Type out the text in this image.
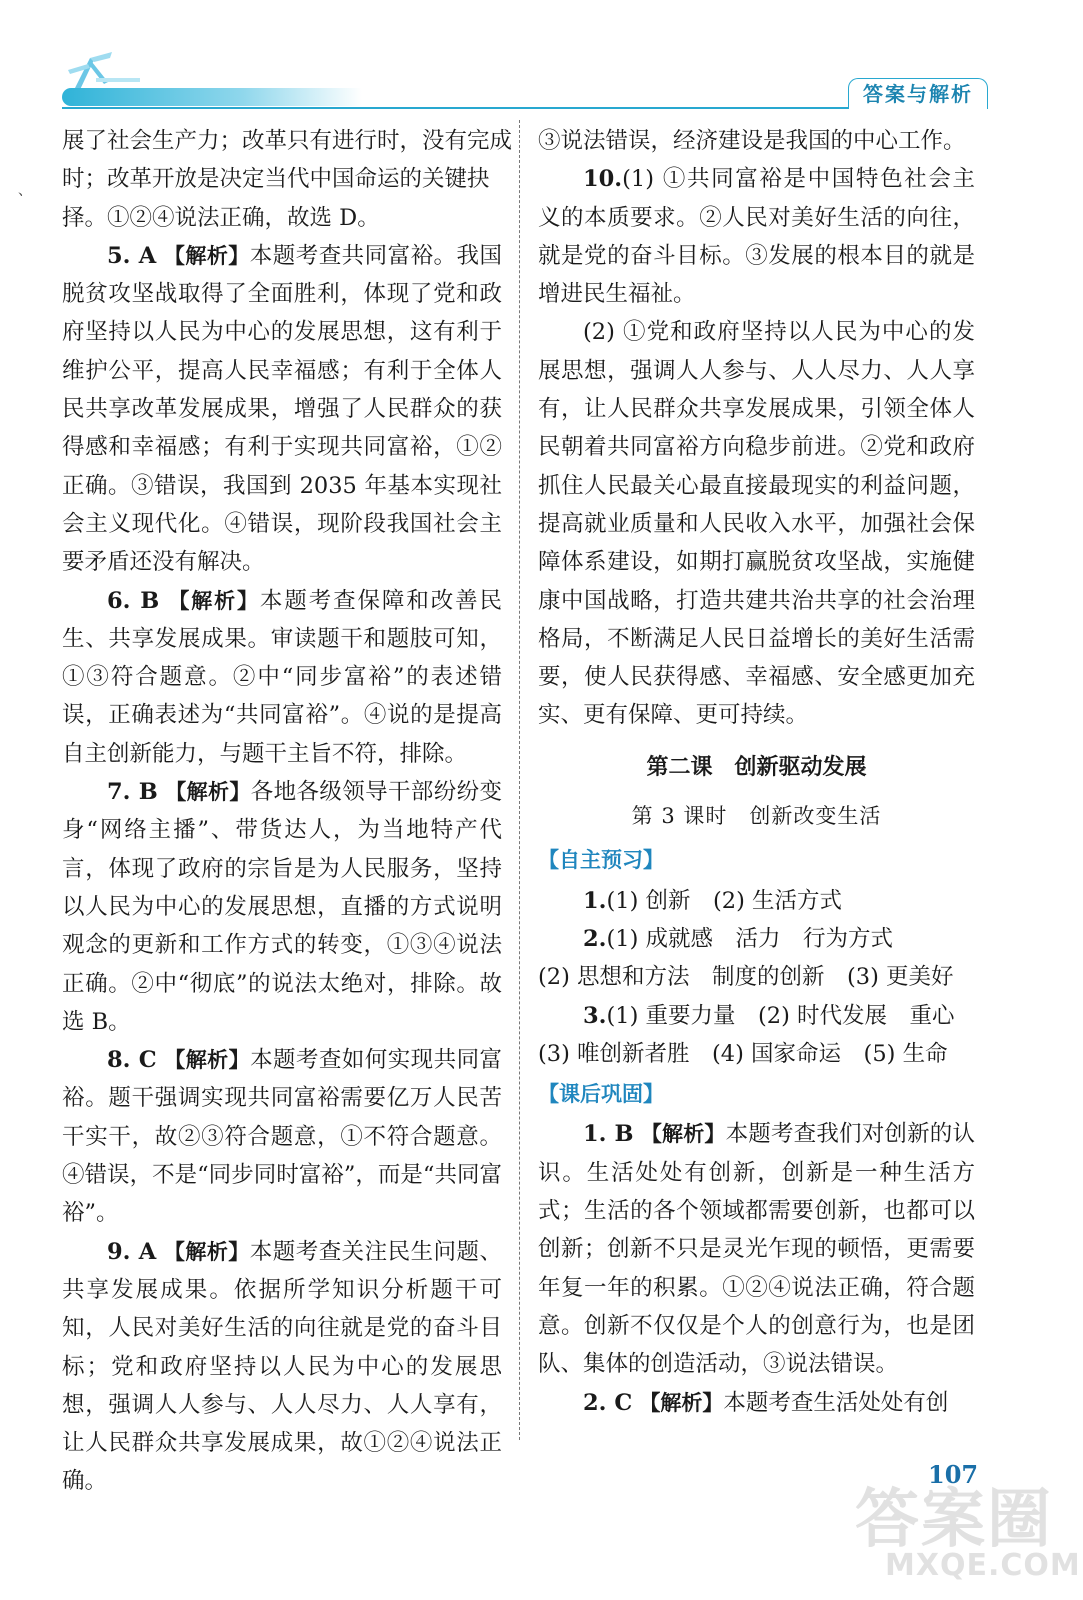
答案与解析
、

展了社会生产力；改革只有进行时，没有完成

时；改革开放是决定当代中国命运的关键抉

择。①②④说法正确，故选 D。

5. A 【解析】本题考查共同富裕。我国脱贫攻坚战取得了全面胜利，体现了党和政府坚持以人民为中心的发展思想，这有利于维护公平，提高人民幸福感；有利于全体人民共享改革发展成果，增强了人民群众的获得感和幸福感；有利于实现共同富裕，①②正确。③错误，我国到 2035 年基本实现社会主义现代化。④错误，现阶段我国社会主要矛盾还没有解决。

6. B 【解析】本题考查保障和改善民生、共享发展成果。审读题干和题肢可知，①③符合题意。②中“同步富裕”的表述错误，正确表述为“共同富裕”。④说的是提高自主创新能力，与题干主旨不符，排除。

7. B 【解析】各地各级领导干部纷纷变身“网络主播”、带货达人，为当地特产代言，体现了政府的宗旨是为人民服务，坚持以人民为中心的发展思想，直播的方式说明观念的更新和工作方式的转变，①③④说法正确。②中“彻底”的说法太绝对，排除。故选 B。

8. C 【解析】本题考查如何实现共同富裕。题干强调实现共同富裕需要亿万人民苦干实干，故②③符合题意，①不符合题意。④错误，不是“同步同时富裕”，而是“共同富裕”。

9. A 【解析】本题考查关注民生问题、共享发展成果。依据所学知识分析题干可知，人民对美好生活的向往就是党的奋斗目标；党和政府坚持以人民为中心的发展思想，强调人人参与、人人尽力、人人享有，让人民群众共享发展成果，故①②④说法正确。

③说法错误，经济建设是我国的中心工作。

10.(1) ①共同富裕是中国特色社会主义的本质要求。②人民对美好生活的向往，就是党的奋斗目标。③发展的根本目的就是增进民生福祉。

(2) ①党和政府坚持以人民为中心的发展思想，强调人人参与、人人尽力、人人享有，让人民群众共享发展成果，引领全体人民朝着共同富裕方向稳步前进。②党和政府抓住人民最关心最直接最现实的利益问题，提高就业质量和人民收入水平，加强社会保障体系建设，如期打赢脱贫攻坚战，实施健康中国战略，打造共建共治共享的社会治理格局，不断满足人民日益增长的美好生活需要，使人民获得感、幸福感、安全感更加充实、更有保障、更可持续。

第二课　创新驱动发展

第 3 课时　创新改变生活

【自主预习】

1.(1) 创新　(2) 生活方式

2.(1) 成就感　活力　行为方式

(2) 思想和方法　制度的创新　(3) 更美好

3.(1) 重要力量　(2) 时代发展　重心

(3) 唯创新者胜　(4) 国家命运　(5) 生命

【课后巩固】

1. B 【解析】本题考查我们对创新的认识。生活处处有创新，创新是一种生活方式；生活的各个领域都需要创新，也都可以创新；创新不只是灵光乍现的顿悟，更需要年复一年的积累。①②④说法正确，符合题意。创新不仅仅是个人的创意行为，也是团队、集体的创造活动，③说法错误。

2. C 【解析】本题考查生活处处有创

107
答案圈
MXQE.COM
